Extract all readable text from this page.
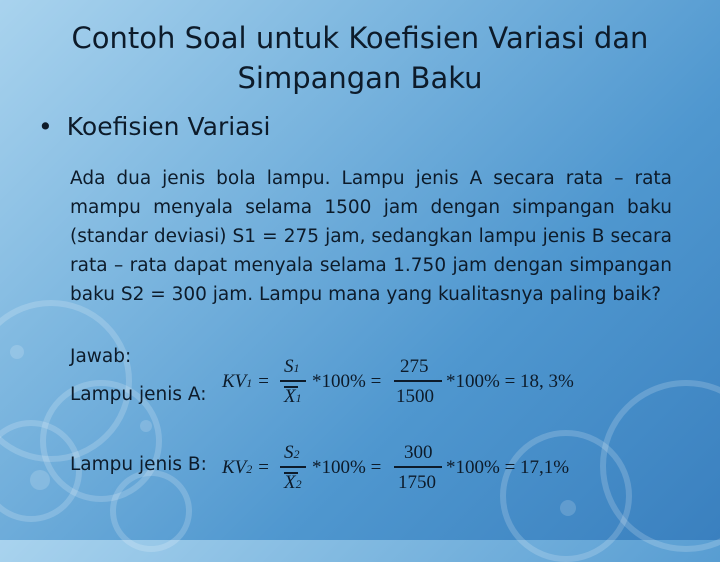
Contoh Soal untuk Koefisien Variasi dan
Simpangan Baku
• Koefisien Variasi

Ada dua jenis bola lampu. Lampu jenis A secara rata – rata mampu menyala selama 1500 jam dengan simpangan baku (standar deviasi) S1 = 275 jam, sedangkan lampu jenis B secara rata – rata dapat menyala selama 1.750 jam dengan simpangan baku S2 = 300 jam. Lampu mana yang kualitasnya paling baik?

Jawab:
Lampu jenis A:
Lampu jenis B:
KV1 =
S1
X1
*100% =
275
1500
*100% = 18, 3%
KV2 =
S2
X2
*100% =
300
1750
*100% = 17,1%
